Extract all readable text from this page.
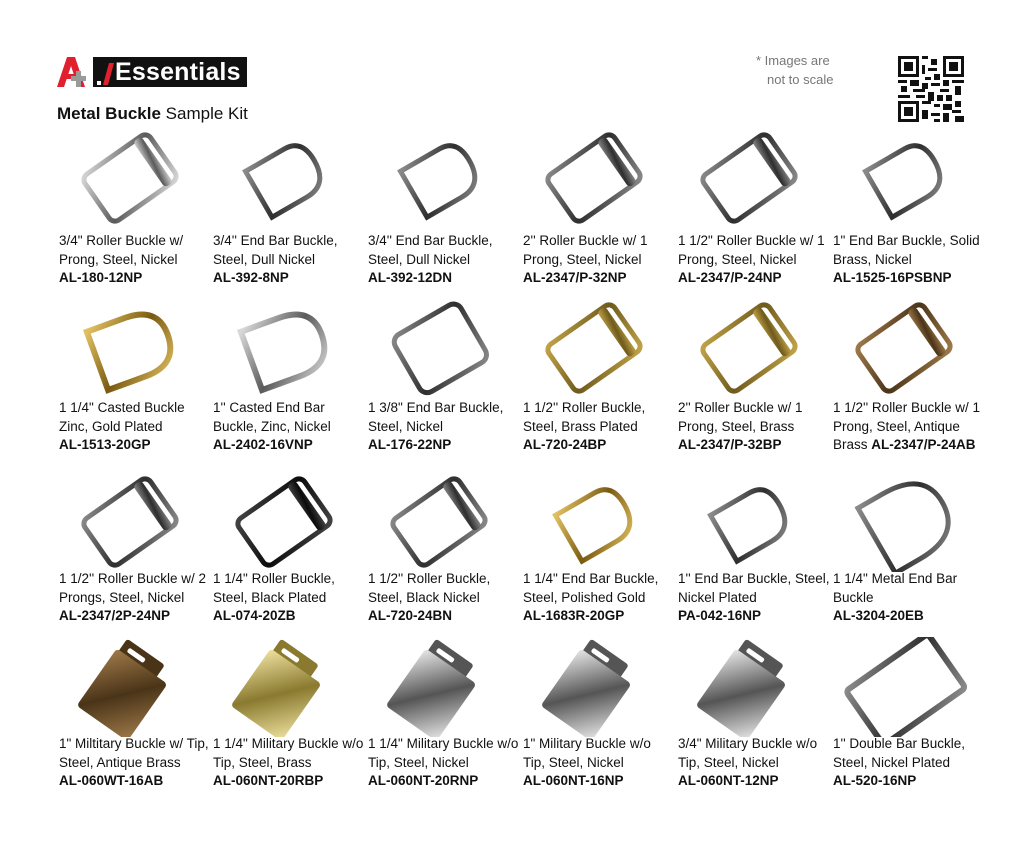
Essentials
Metal Buckle Sample Kit
* Images are
not to scale
3/4" Roller Buckle w/ Prong, Steel, Nickel

AL-180-12NP
3/4'' End Bar Buckle, Steel, Dull Nickel

AL-392-8NP
3/4'' End Bar Buckle, Steel, Dull Nickel

AL-392-12DN
2'' Roller Buckle w/ 1 Prong, Steel, Nickel

AL-2347/P-32NP
1 1/2" Roller Buckle w/ 1 Prong, Steel, Nickel

AL-2347/P-24NP
1" End Bar Buckle, Solid Brass, Nickel

AL-1525-16PSBNP
1 1/4" Casted Buckle Zinc, Gold Plated

AL-1513-20GP
1'' Casted End Bar Buckle, Zinc, Nickel

AL-2402-16VNP
1 3/8" End Bar Buckle, Steel, Nickel

AL-176-22NP
1 1/2'' Roller Buckle, Steel, Brass Plated

AL-720-24BP
2'' Roller Buckle w/ 1 Prong, Steel, Brass

AL-2347/P-32BP
1 1/2'' Roller Buckle w/ 1 Prong, Steel, Antique Brass AL-2347/P-24AB
1 1/2'' Roller Buckle w/ 2 Prongs, Steel, Nickel

AL-2347/2P-24NP
1 1/4" Roller Buckle, Steel, Black Plated

AL-074-20ZB
1 1/2'' Roller Buckle, Steel, Black Nickel

AL-720-24BN
1 1/4" End Bar Buckle, Steel, Polished Gold

AL-1683R-20GP
1'' End Bar Buckle, Steel, Nickel Plated

PA-042-16NP
1 1/4" Metal End Bar Buckle

AL-3204-20EB
1" Miltitary Buckle w/ Tip, Steel, Antique Brass

AL-060WT-16AB
1 1/4" Military Buckle w/o Tip, Steel, Brass

AL-060NT-20RBP
1 1/4" Military Buckle w/o Tip, Steel, Nickel

AL-060NT-20RNP
1" Military Buckle w/o Tip, Steel, Nickel

AL-060NT-16NP
3/4" Military Buckle w/o Tip, Steel, Nickel

AL-060NT-12NP
1'' Double Bar Buckle, Steel, Nickel Plated

AL-520-16NP
